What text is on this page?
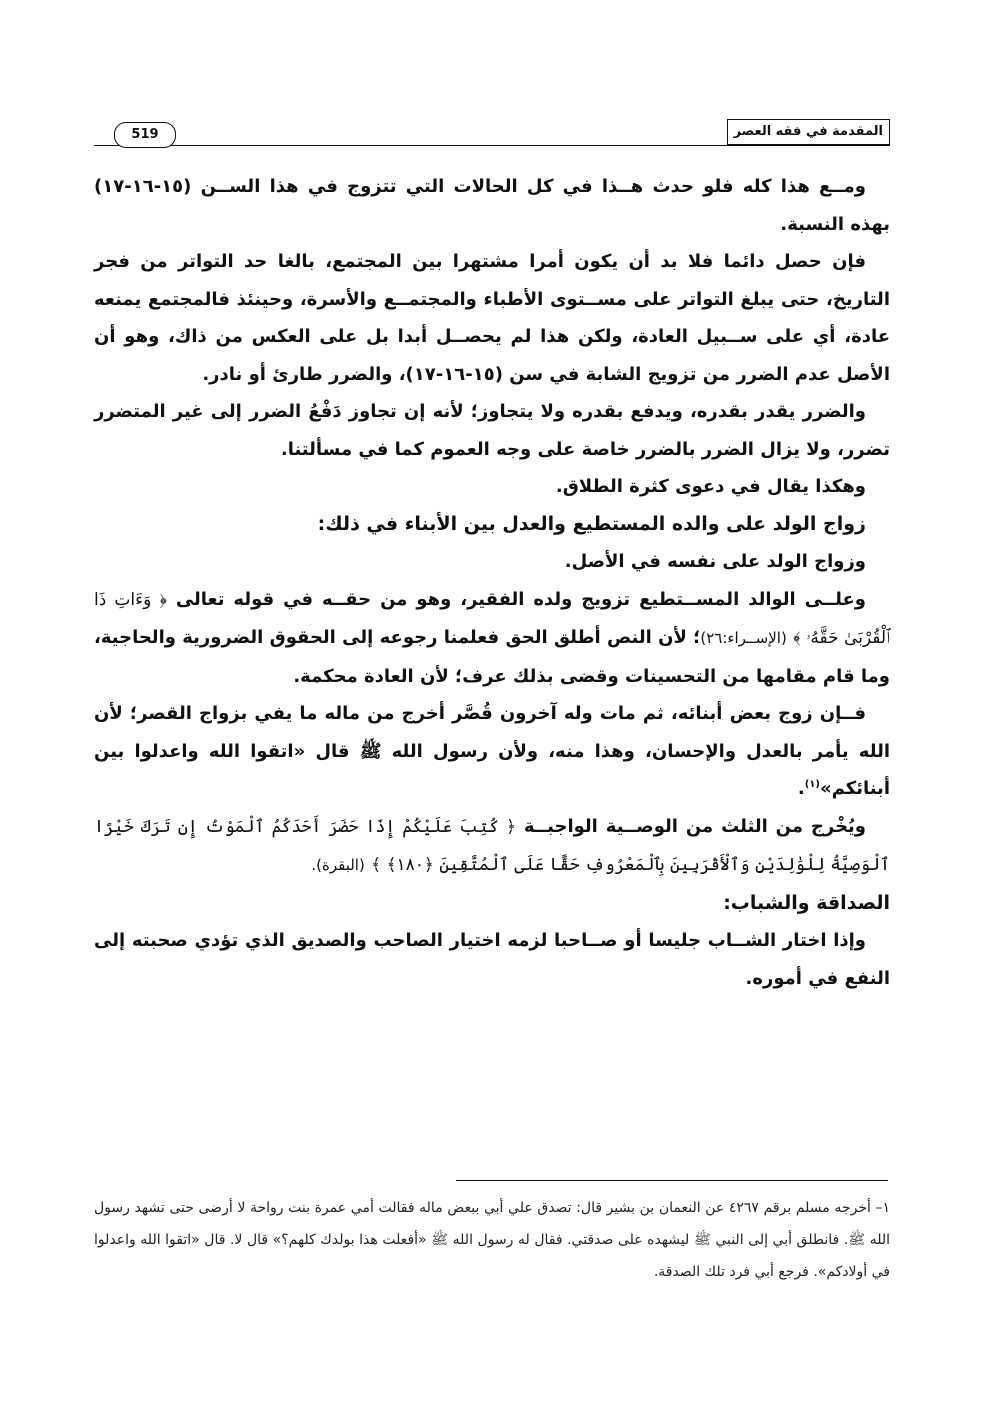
519	المقدمة في فقه العصر

ومــع هذا كله فلو حدث هــذا في كل الحالات التي تتزوج في هذا الســن (١٥-١٦-١٧) بهذه النسبة.

فإن حصل دائما فلا بد أن يكون أمرا مشتهرا بين المجتمع، بالغا حد التواتر من فجر التاريخ، حتى يبلغ التواتر على مســتوى الأطباء والمجتمــع والأسرة، وحينئذ فالمجتمع يمنعه عادة، أي على ســبيل العادة، ولكن هذا لم يحصــل أبدا بل على العكس من ذاك، وهو أن الأصل عدم الضرر من تزويج الشابة في سن (١٥-١٦-١٧)، والضرر طارئ أو نادر.

والضرر يقدر بقدره، ويدفع بقدره ولا يتجاوز؛ لأنه إن تجاوز دَفْعُ الضرر إلى غير المتضرر تضرر، ولا يزال الضرر بالضرر خاصة على وجه العموم كما في مسألتنا.

وهكذا يقال في دعوى كثرة الطلاق.

زواج الولد على والده المستطيع والعدل بين الأبناء في ذلك:

وزواج الولد على نفسه في الأصل.

وعلــى الوالد المســتطيع تزويج ولده الفقير، وهو من حقــه في قوله تعالى ﴿ وَءَاتِ ذَا ٱلْقُرْبَىٰ حَقَّهُۥ ﴾ (الإســراء:٢٦)؛ لأن النص أطلق الحق فعلمنا رجوعه إلى الحقوق الضرورية والحاجية، وما قام مقامها من التحسينات وقضى بذلك عرف؛ لأن العادة محكمة.

فــإن زوج بعض أبنائه، ثم مات وله آخرون قُصَّر أخرج من ماله ما يفي بزواج القصر؛ لأن الله يأمر بالعدل والإحسان، وهذا منه، ولأن رسول الله ﷺ قال «اتقوا الله واعدلوا بين أبنائكم»$^{(١)}$.

ويُخْرج من الثلث من الوصــية الواجبــة ﴿ كُتِبَ عَلَيْكُمْ إِذَا حَضَرَ أَحَدَكُمُ ٱلْمَوْتُ إِن تَرَكَ خَيْرًا ٱلْوَصِيَّةُ لِلْوَٰلِدَيْنِ وَٱلْأَقْرَبِينَ بِٱلْمَعْرُوفِ حَقًّا عَلَى ٱلْمُتَّقِينَ ﴿١٨٠﴾ ﴾ (البقرة).

الصداقة والشباب:

وإذا اختار الشــاب جليسا أو صــاحبا لزمه اختيار الصاحب والصديق الذي تؤدي صحبته إلى النفع في أموره.

١– أخرجه مسلم برقم ٤٢٦٧ عن النعمان بن بشير قال: تصدق علي أبي ببعض ماله فقالت أمي عمرة بنت رواحة لا أرضى حتى تشهد رسول الله ﷺ. فانطلق أبي إلى النبي ﷺ ليشهده على صدقتي. فقال له رسول الله ﷺ «أفعلت هذا بولدك كلهم؟» قال لا. قال «اتقوا الله واعدلوا في أولادكم». فرجع أبي فرد تلك الصدقة.
